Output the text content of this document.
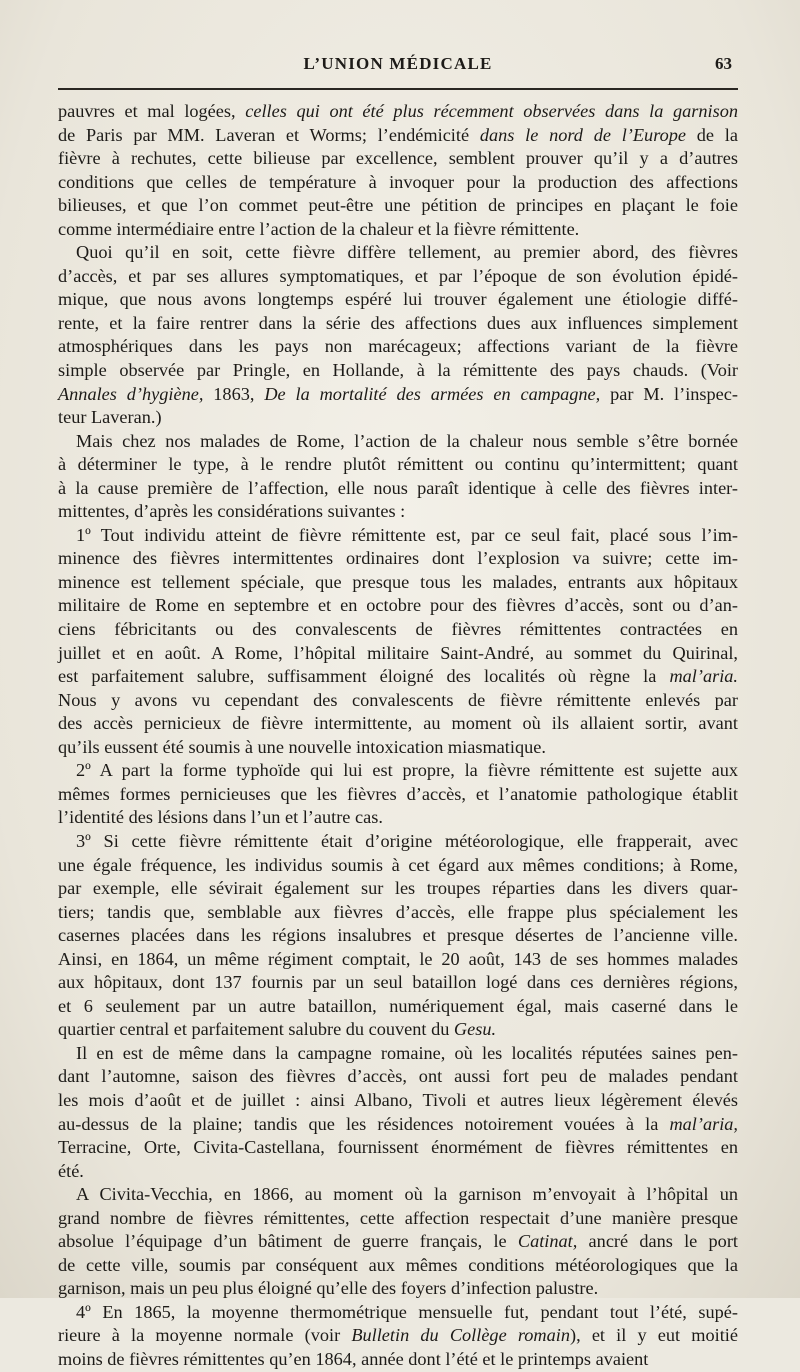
L’UNION MÉDICALE	63

pauvres et mal logées, celles qui ont été plus récemment observées dans la garnison
de Paris par MM. Laveran et Worms; l’endémicité dans le nord de l’Europe de la
fièvre à rechutes, cette bilieuse par excellence, semblent prouver qu’il y a d’autres
conditions que celles de température à invoquer pour la production des affections
bilieuses, et que l’on commet peut-être une pétition de principes en plaçant le foie
comme intermédiaire entre l’action de la chaleur et la fièvre rémittente.

Quoi qu’il en soit, cette fièvre diffère tellement, au premier abord, des fièvres
d’accès, et par ses allures symptomatiques, et par l’époque de son évolution épidé-
mique, que nous avons longtemps espéré lui trouver également une étiologie diffé-
rente, et la faire rentrer dans la série des affections dues aux influences simplement
atmosphériques dans les pays non marécageux; affections variant de la fièvre
simple observée par Pringle, en Hollande, à la rémittente des pays chauds. (Voir
Annales d’hygiène, 1863, De la mortalité des armées en campagne, par M. l’inspec-
teur Laveran.)

Mais chez nos malades de Rome, l’action de la chaleur nous semble s’être bornée
à déterminer le type, à le rendre plutôt rémittent ou continu qu’intermittent; quant
à la cause première de l’affection, elle nous paraît identique à celle des fièvres inter-
mittentes, d’après les considérations suivantes :

1º Tout individu atteint de fièvre rémittente est, par ce seul fait, placé sous l’im-
minence des fièvres intermittentes ordinaires dont l’explosion va suivre; cette im-
minence est tellement spéciale, que presque tous les malades, entrants aux hôpitaux
militaire de Rome en septembre et en octobre pour des fièvres d’accès, sont ou d’an-
ciens fébricitants ou des convalescents de fièvres rémittentes contractées en
juillet et en août. A Rome, l’hôpital militaire Saint-André, au sommet du Quirinal,
est parfaitement salubre, suffisamment éloigné des localités où règne la mal’aria.
Nous y avons vu cependant des convalescents de fièvre rémittente enlevés par
des accès pernicieux de fièvre intermittente, au moment où ils allaient sortir, avant
qu’ils eussent été soumis à une nouvelle intoxication miasmatique.

2º A part la forme typhoïde qui lui est propre, la fièvre rémittente est sujette aux
mêmes formes pernicieuses que les fièvres d’accès, et l’anatomie pathologique établit
l’identité des lésions dans l’un et l’autre cas.

3º Si cette fièvre rémittente était d’origine météorologique, elle frapperait, avec
une égale fréquence, les individus soumis à cet égard aux mêmes conditions; à Rome,
par exemple, elle sévirait également sur les troupes réparties dans les divers quar-
tiers; tandis que, semblable aux fièvres d’accès, elle frappe plus spécialement les
casernes placées dans les régions insalubres et presque désertes de l’ancienne ville.
Ainsi, en 1864, un même régiment comptait, le 20 août, 143 de ses hommes malades
aux hôpitaux, dont 137 fournis par un seul bataillon logé dans ces dernières régions,
et 6 seulement par un autre bataillon, numériquement égal, mais caserné dans le
quartier central et parfaitement salubre du couvent du Gesu.

Il en est de même dans la campagne romaine, où les localités réputées saines pen-
dant l’automne, saison des fièvres d’accès, ont aussi fort peu de malades pendant
les mois d’août et de juillet : ainsi Albano, Tivoli et autres lieux légèrement élevés
au-dessus de la plaine; tandis que les résidences notoirement vouées à la mal’aria,
Terracine, Orte, Civita-Castellana, fournissent énormément de fièvres rémittentes en
été.

A Civita-Vecchia, en 1866, au moment où la garnison m’envoyait à l’hôpital un
grand nombre de fièvres rémittentes, cette affection respectait d’une manière presque
absolue l’équipage d’un bâtiment de guerre français, le Catinat, ancré dans le port
de cette ville, soumis par conséquent aux mêmes conditions météorologiques que la
garnison, mais un peu plus éloigné qu’elle des foyers d’infection palustre.

4º En 1865, la moyenne thermométrique mensuelle fut, pendant tout l’été, supé-
rieure à la moyenne normale (voir Bulletin du Collège romain), et il y eut moitié
moins de fièvres rémittentes qu’en 1864, année dont l’été et le printemps avaient
